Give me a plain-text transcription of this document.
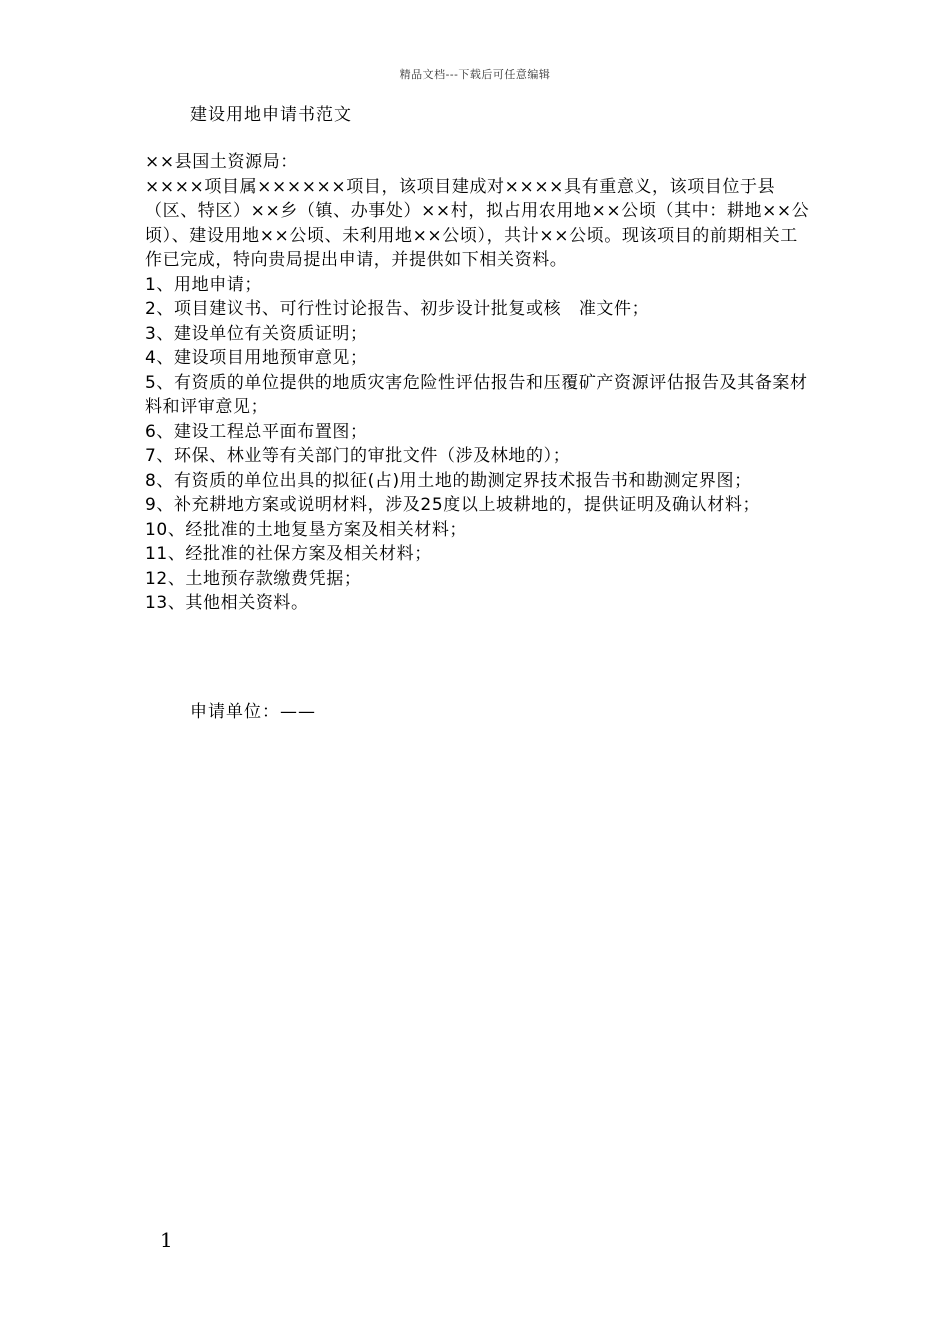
精品文档---下载后可任意编辑
建设用地申请书范文

××县国土资源局：

××××项目属××××××项目，该项目建成对××××具有重意义，该项目位于县（区、特区）××乡（镇、办事处）××村，拟占用农用地××公顷（其中：耕地××公顷）、建设用地××公顷、未利用地××公顷），共计××公顷。现该项目的前期相关工作已完成，特向贵局提出申请，并提供如下相关资料。

1、用地申请；

2、项目建议书、可行性讨论报告、初步设计批复或核　准文件；

3、建设单位有关资质证明；

4、建设项目用地预审意见；

5、有资质的单位提供的地质灾害危险性评估报告和压覆矿产资源评估报告及其备案材料和评审意见；

6、建设工程总平面布置图；

7、环保、林业等有关部门的审批文件（涉及林地的）；

8、有资质的单位出具的拟征(占)用土地的勘测定界技术报告书和勘测定界图；

9、补充耕地方案或说明材料，涉及25度以上坡耕地的，提供证明及确认材料；

10、经批准的土地复垦方案及相关材料；

11、经批准的社保方案及相关材料；

12、土地预存款缴费凭据；

13、其他相关资料。

申请单位：——
1
